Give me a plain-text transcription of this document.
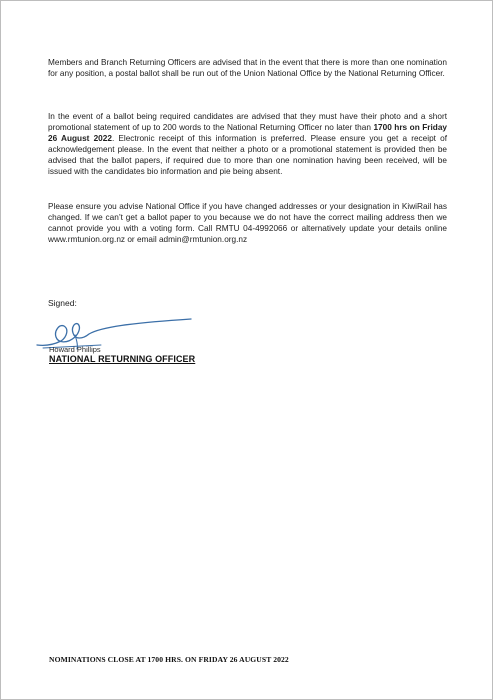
Members and Branch Returning Officers are advised that in the event that there is more than one nomination for any position, a postal ballot shall be run out of the Union National Office by the National Returning Officer.

In the event of a ballot being required candidates are advised that they must have their photo and a short promotional statement of up to 200 words to the National Returning Officer no later than 1700 hrs on Friday 26 August 2022. Electronic receipt of this information is preferred. Please ensure you get a receipt of acknowledgement please. In the event that neither a photo or a promotional statement is provided then be advised that the ballot papers, if required due to more than one nomination having been received, will be issued with the candidates bio information and pie being absent.

Please ensure you advise National Office if you have changed addresses or your designation in KiwiRail has changed. If we can’t get a ballot paper to you because we do not have the correct mailing address then we cannot provide you with a voting form. Call RMTU 04-4992066 or alternatively update your details online www.rmtunion.org.nz or email admin@rmtunion.org.nz

Signed:

Howard Phillips

NATIONAL RETURNING OFFICER

NOMINATIONS CLOSE AT 1700 HRS. ON FRIDAY 26 AUGUST 2022
